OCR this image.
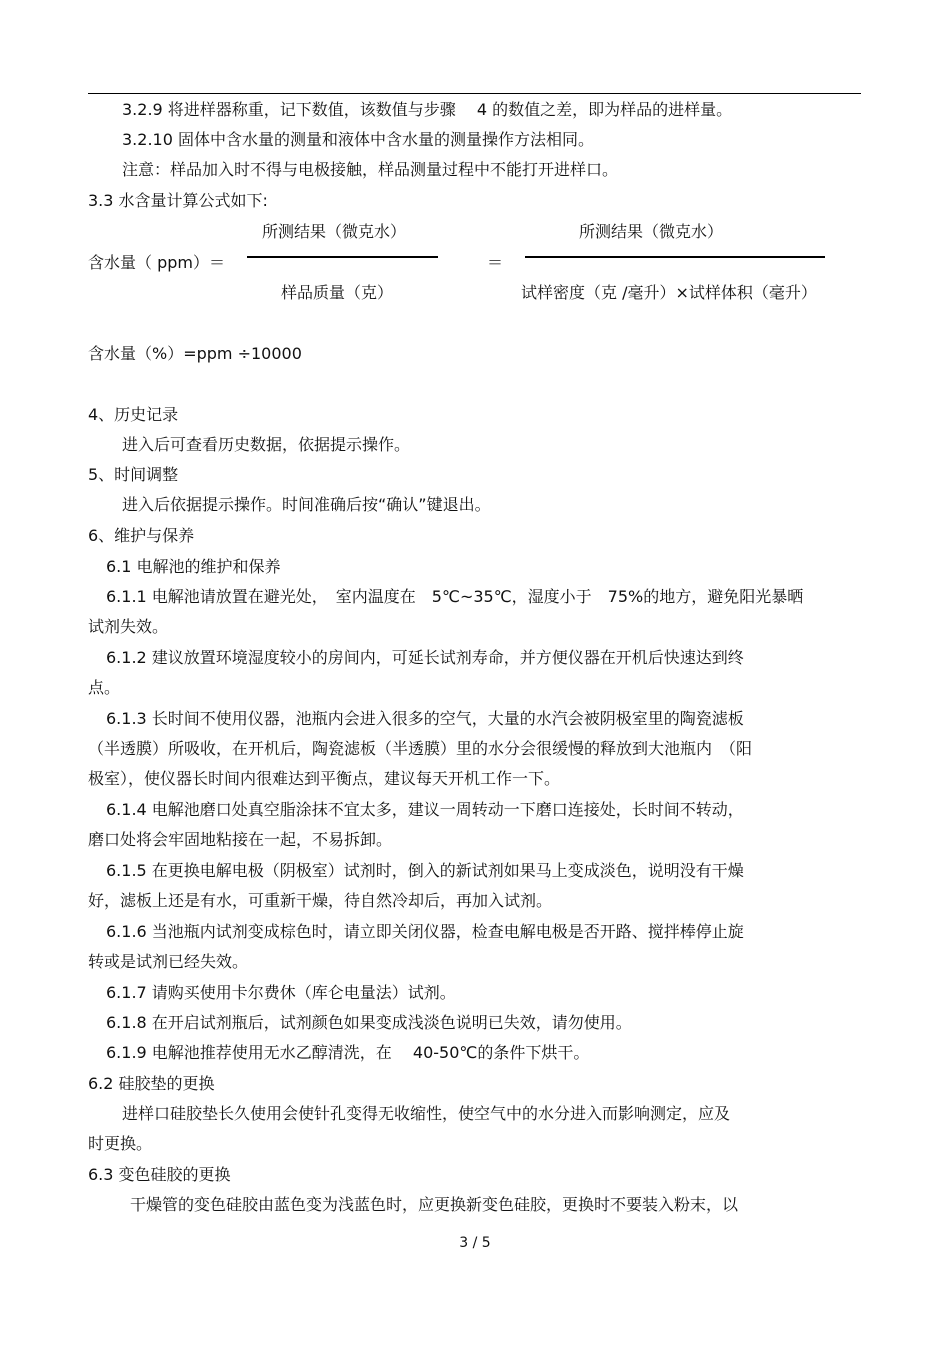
3.2.9 将进样器称重，记下数值，该数值与步骤　 4 的数值之差，即为样品的进样量。
3.2.10 固体中含水量的测量和液体中含水量的测量操作方法相同。
注意：样品加入时不得与电极接触，样品测量过程中不能打开进样口。
3.3 水含量计算公式如下:
所测结果（微克水）
含水量（ ppm）＝
样品质量（克）
＝
所测结果（微克水）
试样密度（克 /毫升）×试样体积（毫升）
含水量（%）=ppm ÷10000
4、历史记录
进入后可查看历史数据，依据提示操作。
5、时间调整
进入后依据提示操作。时间准确后按“确认”键退出。
6、维护与保养
6.1 电解池的维护和保养
6.1.1 电解池请放置在避光处，　室内温度在　5℃~35℃，湿度小于　75%的地方，避免阳光暴晒
试剂失效。
6.1.2 建议放置环境湿度较小的房间内，可延长试剂寿命，并方便仪器在开机后快速达到终
点。
6.1.3 长时间不使用仪器，池瓶内会进入很多的空气，大量的水汽会被阴极室里的陶瓷滤板
（半透膜）所吸收，在开机后，陶瓷滤板（半透膜）里的水分会很缓慢的释放到大池瓶内　（阳
极室），使仪器长时间内很难达到平衡点，建议每天开机工作一下。
6.1.4 电解池磨口处真空脂涂抹不宜太多，建议一周转动一下磨口连接处，长时间不转动，
磨口处将会牢固地粘接在一起，不易拆卸。
6.1.5 在更换电解电极（阴极室）试剂时，倒入的新试剂如果马上变成淡色，说明没有干燥
好，滤板上还是有水，可重新干燥，待自然冷却后，再加入试剂。
6.1.6 当池瓶内试剂变成棕色时，请立即关闭仪器，检查电解电极是否开路、搅拌棒停止旋
转或是试剂已经失效。
6.1.7 请购买使用卡尔费休（库仑电量法）试剂。
6.1.8 在开启试剂瓶后，试剂颜色如果变成浅淡色说明已失效，请勿使用。
6.1.9 电解池推荐使用无水乙醇清洗，在　 40-50℃的条件下烘干。
6.2 硅胶垫的更换
进样口硅胶垫长久使用会使针孔变得无收缩性，使空气中的水分进入而影响测定，应及
时更换。
6.3 变色硅胶的更换
干燥管的变色硅胶由蓝色变为浅蓝色时，应更换新变色硅胶，更换时不要装入粉末，以
3 / 5
